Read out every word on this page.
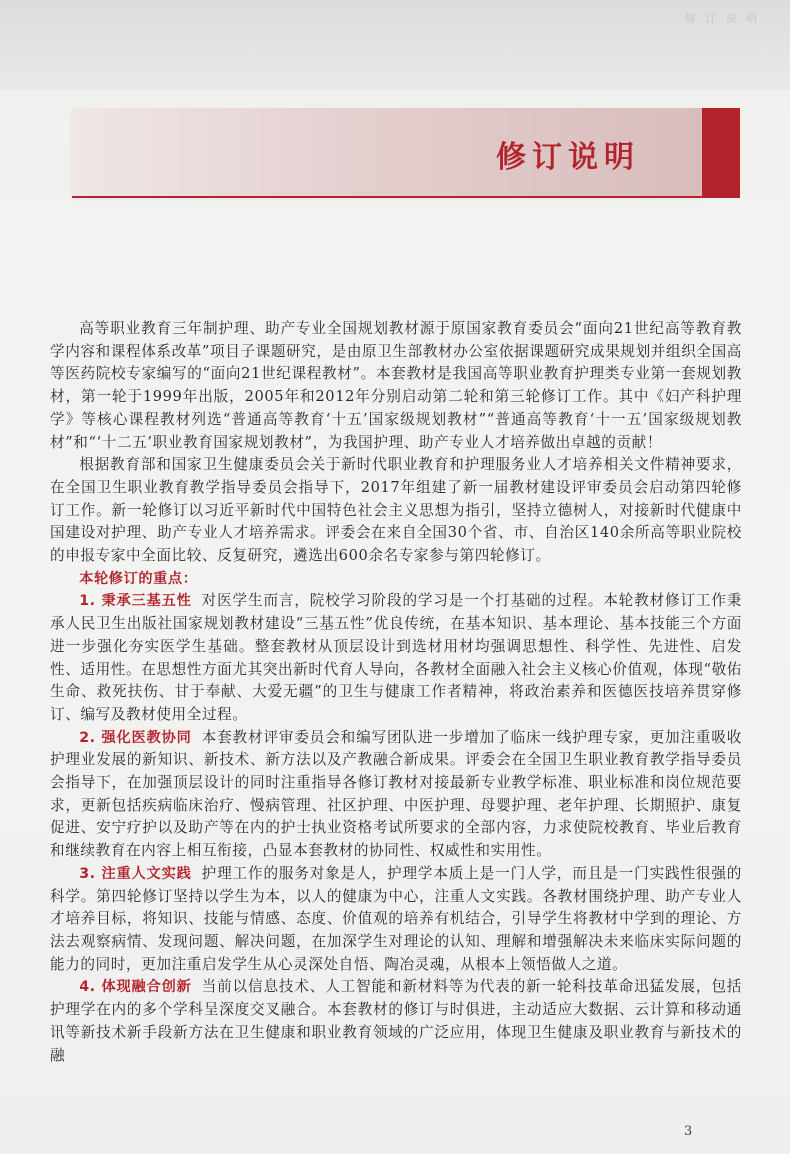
修 订 说 明
修订说明

高等职业教育三年制护理、助产专业全国规划教材源于原国家教育委员会“面向21世纪高等教育教学内容和课程体系改革”项目子课题研究，是由原卫生部教材办公室依据课题研究成果规划并组织全国高等医药院校专家编写的“面向21世纪课程教材”。本套教材是我国高等职业教育护理类专业第一套规划教材，第一轮于1999年出版，2005年和2012年分别启动第二轮和第三轮修订工作。其中《妇产科护理学》等核心课程教材列选“普通高等教育‘十五’国家级规划教材”“普通高等教育‘十一五’国家级规划教材”和“‘十二五’职业教育国家规划教材”，为我国护理、助产专业人才培养做出卓越的贡献！

根据教育部和国家卫生健康委员会关于新时代职业教育和护理服务业人才培养相关文件精神要求，在全国卫生职业教育教学指导委员会指导下，2017年组建了新一届教材建设评审委员会启动第四轮修订工作。新一轮修订以习近平新时代中国特色社会主义思想为指引，坚持立德树人，对接新时代健康中国建设对护理、助产专业人才培养需求。评委会在来自全国30个省、市、自治区140余所高等职业院校的申报专家中全面比较、反复研究，遴选出600余名专家参与第四轮修订。

本轮修订的重点：

1. 秉承三基五性 对医学生而言，院校学习阶段的学习是一个打基础的过程。本轮教材修订工作秉承人民卫生出版社国家规划教材建设“三基五性”优良传统，在基本知识、基本理论、基本技能三个方面进一步强化夯实医学生基础。整套教材从顶层设计到选材用材均强调思想性、科学性、先进性、启发性、适用性。在思想性方面尤其突出新时代育人导向，各教材全面融入社会主义核心价值观，体现“敬佑生命、救死扶伤、甘于奉献、大爱无疆”的卫生与健康工作者精神，将政治素养和医德医技培养贯穿修订、编写及教材使用全过程。

2. 强化医教协同 本套教材评审委员会和编写团队进一步增加了临床一线护理专家，更加注重吸收护理业发展的新知识、新技术、新方法以及产教融合新成果。评委会在全国卫生职业教育教学指导委员会指导下，在加强顶层设计的同时注重指导各修订教材对接最新专业教学标准、职业标准和岗位规范要求，更新包括疾病临床治疗、慢病管理、社区护理、中医护理、母婴护理、老年护理、长期照护、康复促进、安宁疗护以及助产等在内的护士执业资格考试所要求的全部内容，力求使院校教育、毕业后教育和继续教育在内容上相互衔接，凸显本套教材的协同性、权威性和实用性。

3. 注重人文实践 护理工作的服务对象是人，护理学本质上是一门人学，而且是一门实践性很强的科学。第四轮修订坚持以学生为本，以人的健康为中心，注重人文实践。各教材围绕护理、助产专业人才培养目标，将知识、技能与情感、态度、价值观的培养有机结合，引导学生将教材中学到的理论、方法去观察病情、发现问题、解决问题，在加深学生对理论的认知、理解和增强解决未来临床实际问题的能力的同时，更加注重启发学生从心灵深处自悟、陶冶灵魂，从根本上领悟做人之道。

4. 体现融合创新 当前以信息技术、人工智能和新材料等为代表的新一轮科技革命迅猛发展，包括护理学在内的多个学科呈深度交叉融合。本套教材的修订与时俱进，主动适应大数据、云计算和移动通讯等新技术新手段新方法在卫生健康和职业教育领域的广泛应用，体现卫生健康及职业教育与新技术的融

3
